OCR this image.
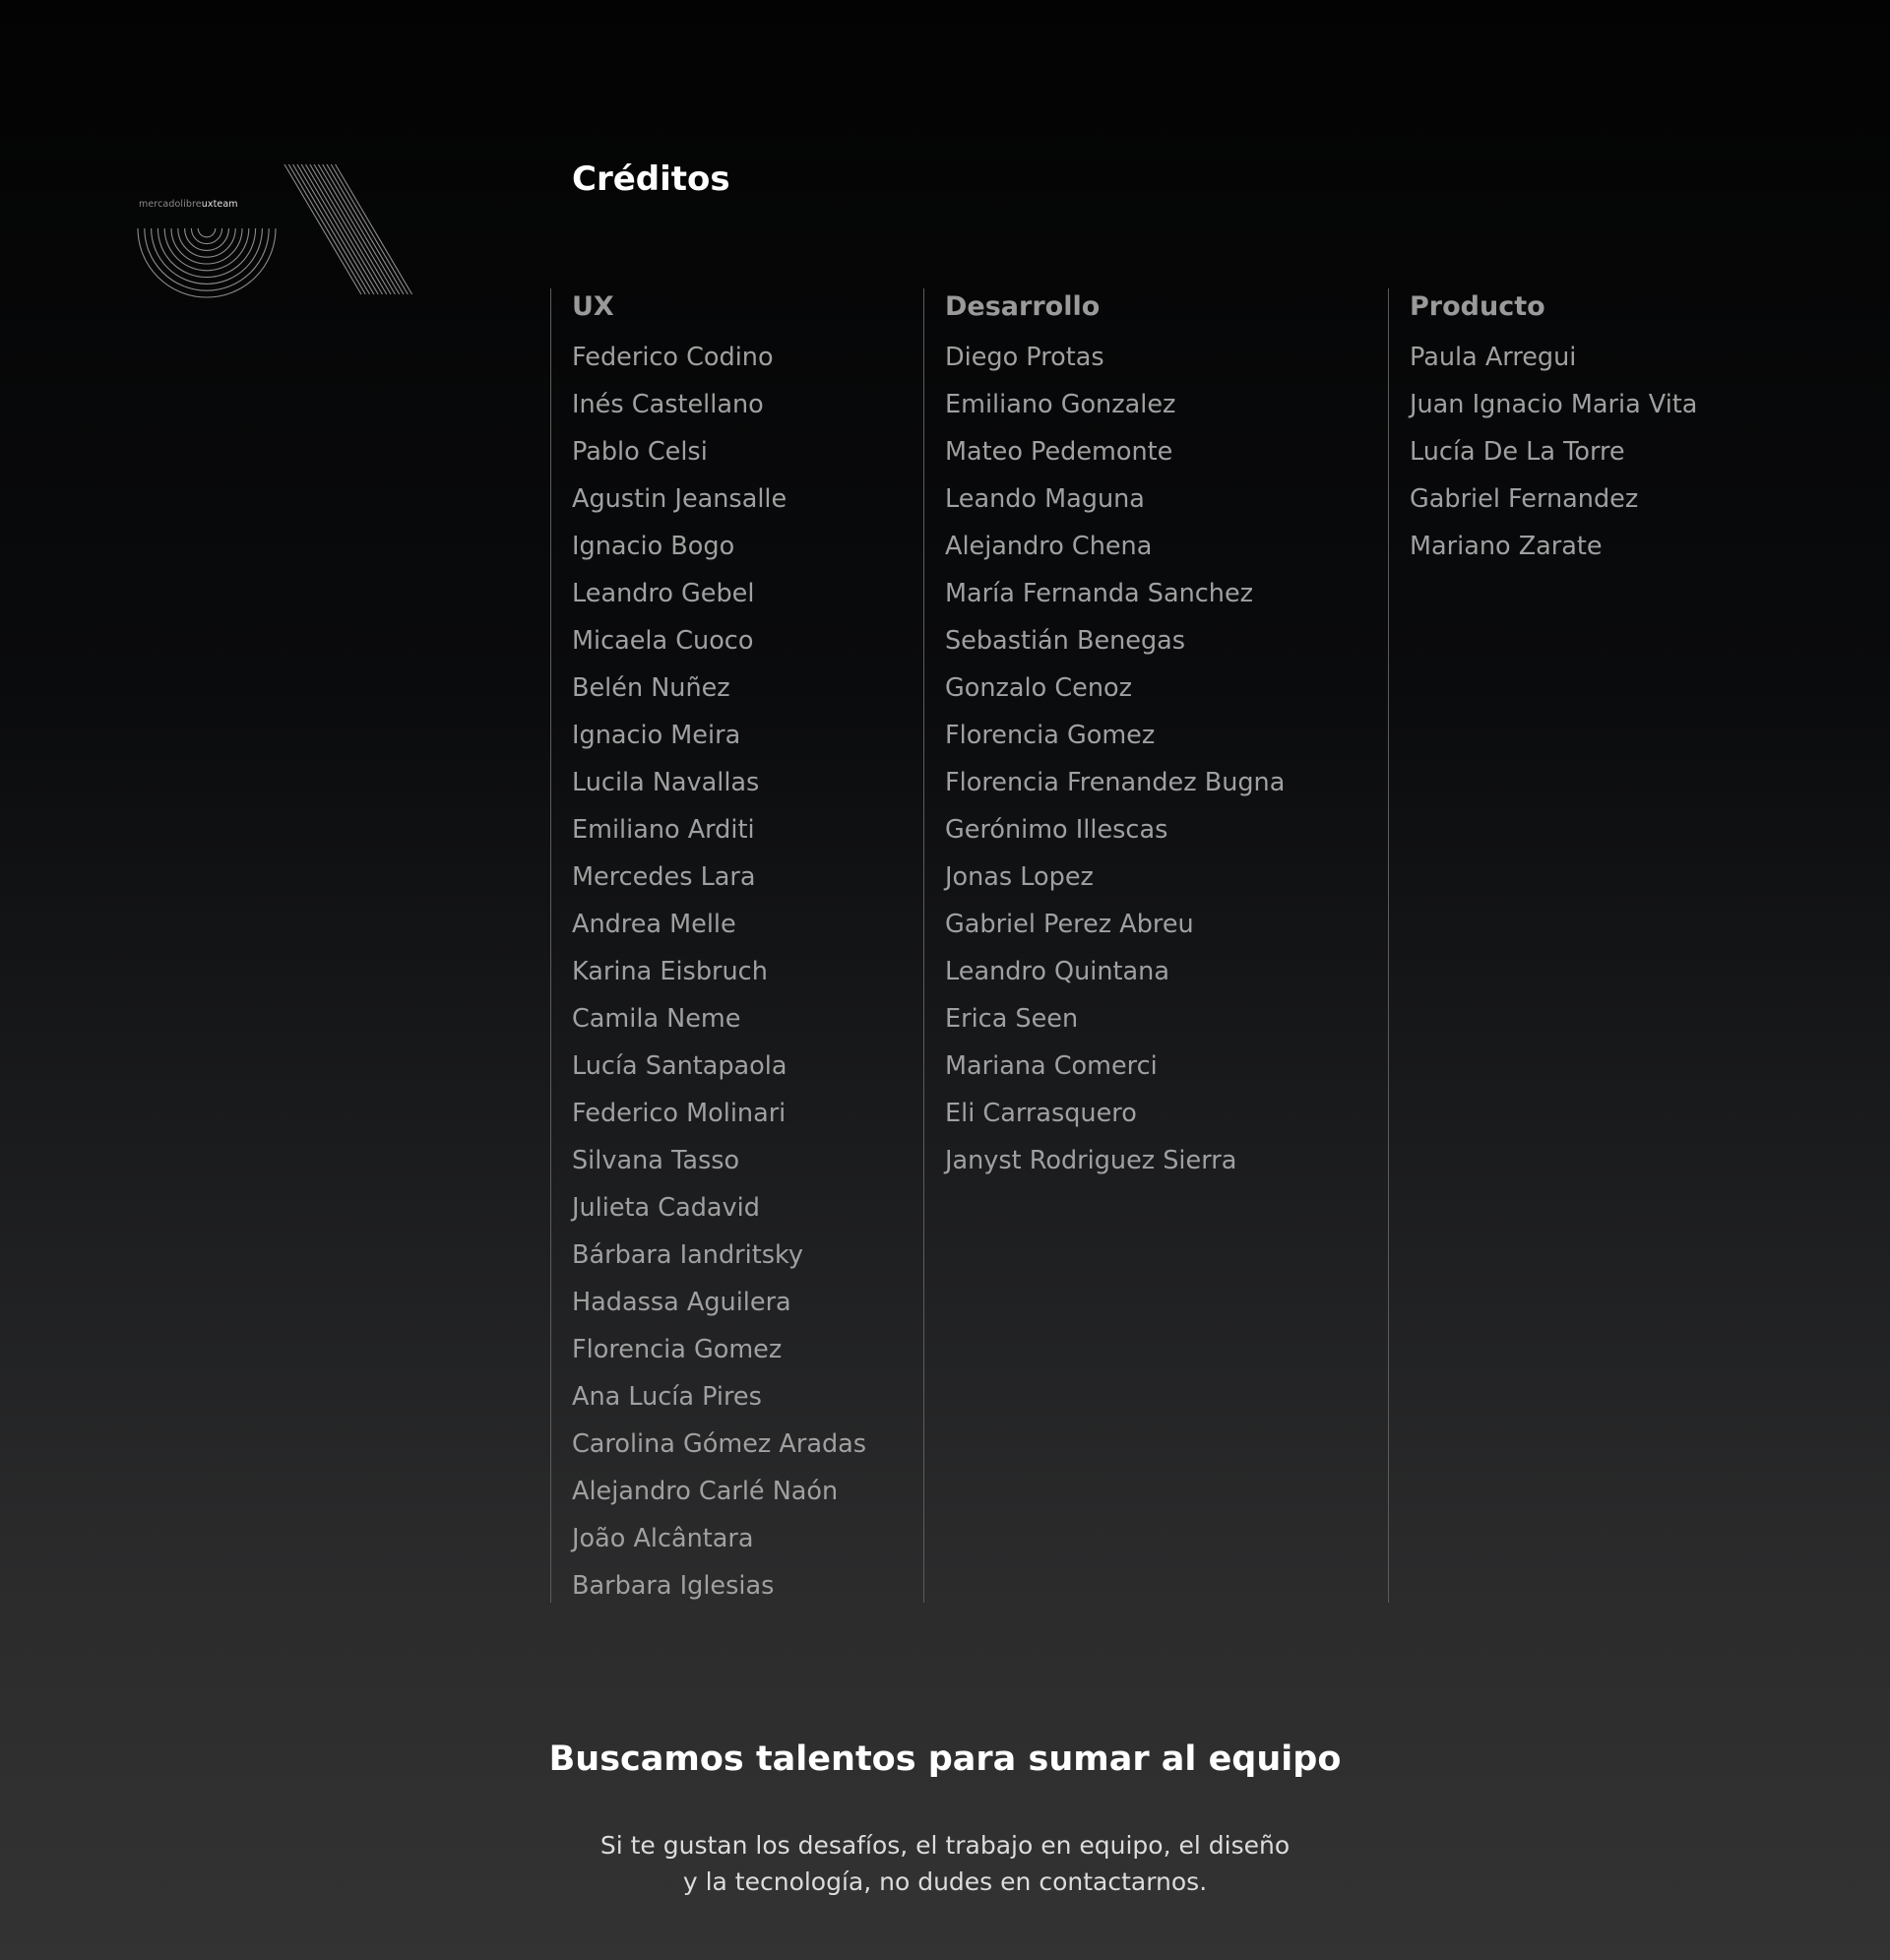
mercadolibreuxteam
Créditos
UX
Federico Codino
Inés Castellano
Pablo Celsi
Agustin Jeansalle
Ignacio Bogo
Leandro Gebel
Micaela Cuoco
Belén Nuñez
Ignacio Meira
Lucila Navallas
Emiliano Arditi
Mercedes Lara
Andrea Melle
Karina Eisbruch
Camila Neme
Lucía Santapaola
Federico Molinari
Silvana Tasso
Julieta Cadavid
Bárbara Iandritsky
Hadassa Aguilera
Florencia Gomez
Ana Lucía Pires
Carolina Gómez Aradas
Alejandro Carlé Naón
João Alcântara
Barbara Iglesias
Desarrollo
Diego Protas
Emiliano Gonzalez
Mateo Pedemonte
Leando Maguna
Alejandro Chena
María Fernanda Sanchez
Sebastián Benegas
Gonzalo Cenoz
Florencia Gomez
Florencia Frenandez Bugna
Gerónimo Illescas
Jonas Lopez
Gabriel Perez Abreu
Leandro Quintana
Erica Seen
Mariana Comerci
Eli Carrasquero
Janyst Rodriguez Sierra
Producto
Paula Arregui
Juan Ignacio Maria Vita
Lucía De La Torre
Gabriel Fernandez
Mariano Zarate
Buscamos talentos para sumar al equipo

Si te gustan los desafíos, el trabajo en equipo, el diseño
y la tecnología, no dudes en contactarnos.
